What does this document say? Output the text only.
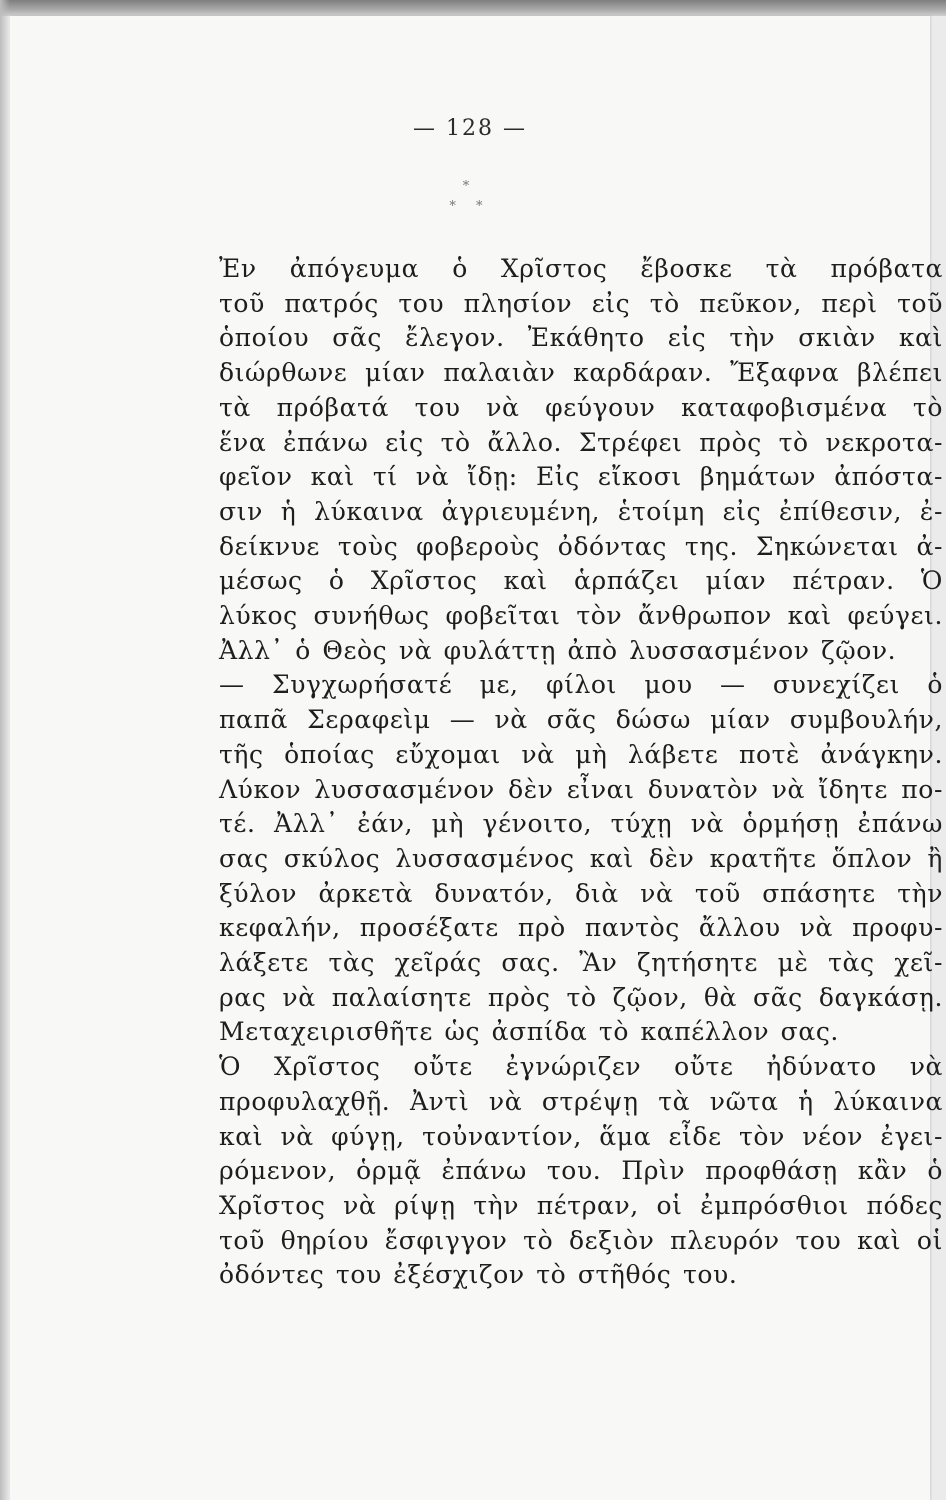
— 128 —
*
* *

Ἐν ἀπόγευμα ὁ Χρῖστος ἔβοσκε τὰ πρόβατα

τοῦ πατρός του πλησίον εἰς τὸ πεῦκον, περὶ τοῦ

ὁποίου σᾶς ἔλεγον. Ἐκάθητο εἰς τὴν σκιὰν καὶ

διώρθωνε μίαν παλαιὰν καρδάραν. Ἔξαφνα βλέπει

τὰ πρόβατά του νὰ φεύγουν καταφοβισμένα τὸ

ἕνα ἐπάνω εἰς τὸ ἄλλο. Στρέφει πρὸς τὸ νεκροτα-

φεῖον καὶ τί νὰ ἴδῃ: Εἰς εἴκοσι βημάτων ἀπόστα-

σιν ἡ λύκαινα ἀγριευμένη, ἑτοίμη εἰς ἐπίθεσιν, ἐ-

δείκνυε τοὺς φοβεροὺς ὀδόντας της. Σηκώνεται ἀ-

μέσως ὁ Χρῖστος καὶ ἁρπάζει μίαν πέτραν. Ὁ

λύκος συνήθως φοβεῖται τὸν ἄνθρωπον καὶ φεύγει.

Ἀλλ᾽ ὁ Θεὸς νὰ φυλάττῃ ἀπὸ λυσσασμένον ζῷον.

— Συγχωρήσατέ με, φίλοι μου — συνεχίζει ὁ

παπᾶ Σεραφεὶμ — νὰ σᾶς δώσω μίαν συμβουλήν,

τῆς ὁποίας εὔχομαι νὰ μὴ λάβετε ποτὲ ἀνάγκην.

Λύκον λυσσασμένον δὲν εἶναι δυνατὸν νὰ ἴδητε πο-

τέ. Ἀλλ᾽ ἐάν, μὴ γένοιτο, τύχῃ νὰ ὁρμήσῃ ἐπάνω

σας σκύλος λυσσασμένος καὶ δὲν κρατῆτε ὅπλον ἢ

ξύλον ἀρκετὰ δυνατόν, διὰ νὰ τοῦ σπάσητε τὴν

κεφαλήν, προσέξατε πρὸ παντὸς ἄλλου νὰ προφυ-

λάξετε τὰς χεῖράς σας. Ἂν ζητήσητε μὲ τὰς χεῖ-

ρας νὰ παλαίσητε πρὸς τὸ ζῷον, θὰ σᾶς δαγκάσῃ.

Μεταχειρισθῆτε ὡς ἀσπίδα τὸ καπέλλον σας.

Ὁ Χρῖστος οὔτε ἐγνώριζεν οὔτε ἠδύνατο νὰ

προφυλαχθῇ. Ἀντὶ νὰ στρέψῃ τὰ νῶτα ἡ λύκαινα

καὶ νὰ φύγῃ, τοὐναντίον, ἅμα εἶδε τὸν νέον ἐγει-

ρόμενον, ὁρμᾷ ἐπάνω του. Πρὶν προφθάσῃ κἂν ὁ

Χρῖστος νὰ ρίψῃ τὴν πέτραν, οἱ ἐμπρόσθιοι πόδες

τοῦ θηρίου ἔσφιγγον τὸ δεξιὸν πλευρόν του καὶ οἱ

ὀδόντες του ἐξέσχιζον τὸ στῆθός του.
